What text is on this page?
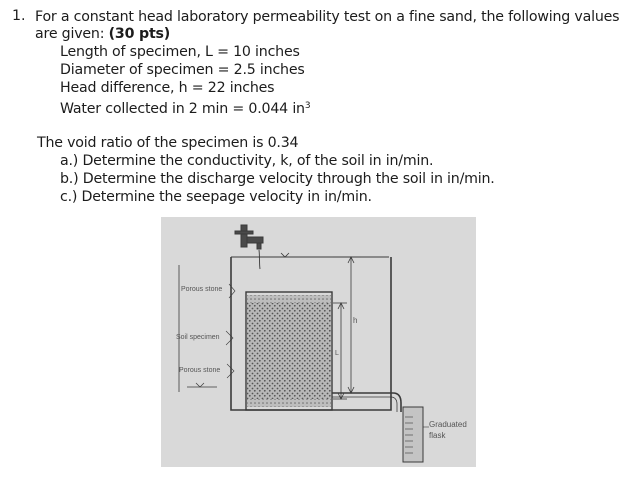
1. For a constant head laboratory permeability test on a fine sand, the following values
are given: (30 pts)
Length of specimen, L = 10 inches
Diameter of specimen = 2.5 inches
Head difference, h = 22 inches
Water collected in 2 min = 0.044 $in^3$
The void ratio of the specimen is 0.34
a.) Determine the conductivity, k, of the soil in in/min.
b.) Determine the discharge velocity through the soil in in/min.
c.) Determine the seepage velocity in in/min.
h
L
Porous stone
Soil specimen
Porous stone
Graduated
flask
